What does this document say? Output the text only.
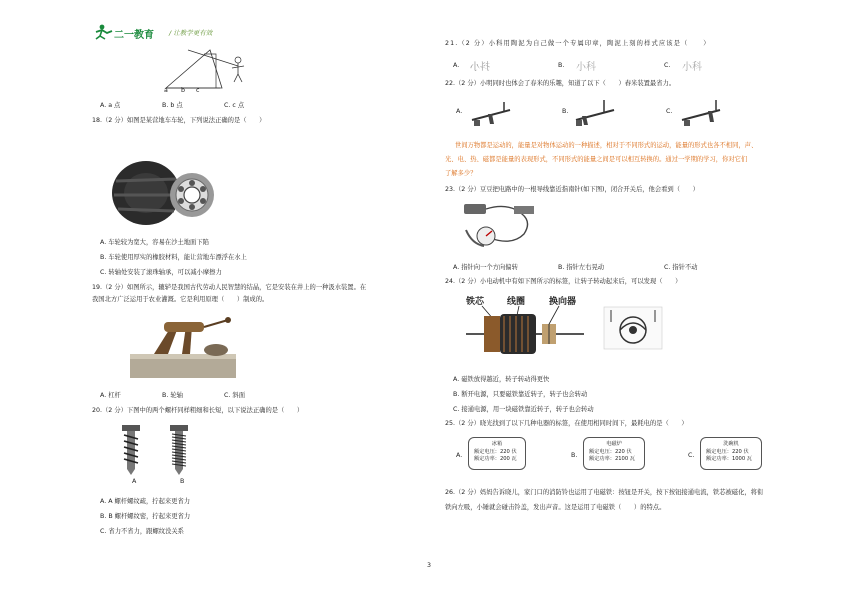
二一教育 / 让教学更有效
a b c
A. a 点	B. b 点	C. c 点
18.（2 分）如图是某营地车车轮，下列说法正确的是（　　）
A. 车轮较为宽大，容易在沙土地面下陷
B. 车轮使用厚实的橡胶材料，能让营地车漂浮在水上
C. 转轴处安装了滚珠轴承，可以减小摩擦力
19.（2 分）如图所示，辘轳是我国古代劳动人民智慧的结晶，它是安装在井上的一种汲水装置。在
我国北方广泛运用于农业灌溉。它是利用原理（　　）制成的。
A. 杠杆	B. 轮轴	C. 斜面
20.（2 分）下图中的两个螺杆同样粗细和长短，以下说法正确的是（　　）
A	B
A. A 螺杆螺纹疏，拧起来更省力
B. B 螺杆螺纹密，拧起来更省力
C. 省力不省力，跟螺纹没关系
21.（2 分）小科用陶泥为自己做一个专属印章，陶泥上刻的样式应该是（　　）
A. 抖小	B. 小科	C. 小科
22.（2 分）小明同时也体会了春米的乐趣，知道了以下（　　）舂米装置最省力。
A.	B.	C.
世间万物都是运动的，能量是对物体运动的一种描述，相对于不同形式的运动，能量的形式也各不相同，声、
光、电、热、磁都是能量的表现形式，不同形式的能量之间是可以相互转换的。通过一学期的学习，你对它们
了解多少？
23.（2 分）豆豆把电路中的一根导线靠近指南针(如下图)，闭合开关后，他会看到（　　）
A. 指针向一个方向偏转	B. 指针左右晃动	C. 指针不动
24.（2 分）小电动机中有如下图所示的标签，让转子转动起来后，可以发现（　　）
铁芯	线圈	换向器
A. 磁铁放得越近，转子转动得更快
B. 断开电源，只要磁铁靠近转子，转子也会转动
C. 接通电源，用一块磁铁靠近转子，转子也会转动
25.（2 分）晓光找到了以下几种电器的标签，在使用相同时间下，最耗电的是（　　）
A.
冰箱
额定电压：220 伏
额定功率：200 瓦
B.
电磁炉
额定电压：220 伏
额定功率：2100 瓦
C.
洗碗机
额定电压：220 伏
额定功率：1000 瓦
26.（2 分）妈妈告诉晓儿，家门口的消防铃也运用了电磁铁：按钮是开关，按下按钮接通电流，铁芯被磁化，将衔
铁向左吸，小锤就会碰击铃盖，发出声音。这是运用了电磁铁（　　）的特点。
3
